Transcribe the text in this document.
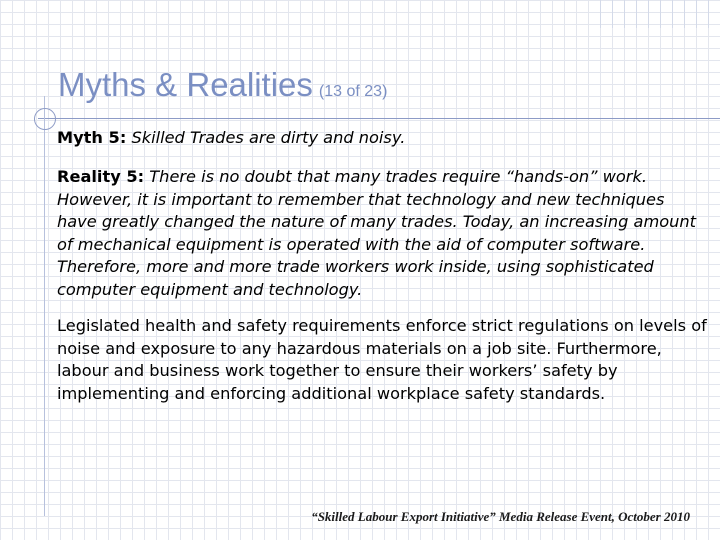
Myths & Realities (13 of 23)

Myth 5: Skilled Trades are dirty and noisy.

Reality 5: There is no doubt that many trades require “hands-on” work. However, it is important to remember that technology and new techniques have greatly changed the nature of many trades. Today, an increasing amount of mechanical equipment is operated with the aid of computer software. Therefore, more and more trade workers work inside, using sophisticated computer equipment and technology.

Legislated health and safety requirements enforce strict regulations on levels of noise and exposure to any hazardous materials on a job site. Furthermore, labour and business work together to ensure their workers’ safety by implementing and enforcing additional workplace safety standards.

“Skilled Labour Export Initiative” Media Release Event, October 2010
